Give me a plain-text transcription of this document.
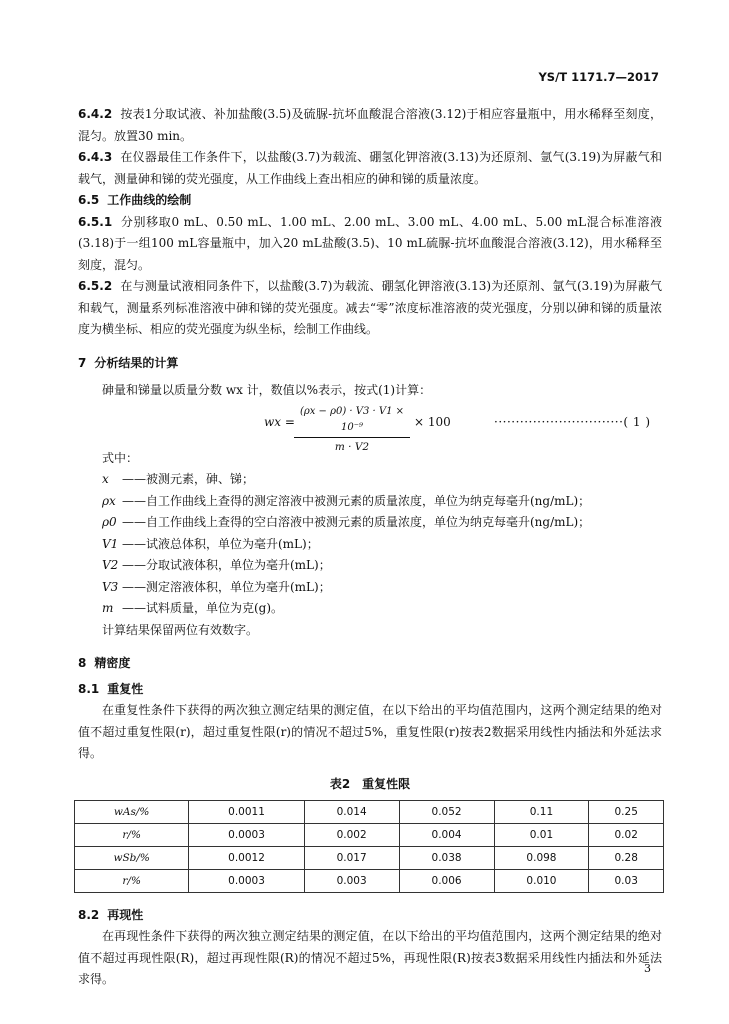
YS/T 1171.7—2017

6.4.2 按表1分取试液、补加盐酸(3.5)及硫脲-抗坏血酸混合溶液(3.12)于相应容量瓶中，用水稀释至刻度，混匀。放置30 min。

6.4.3 在仪器最佳工作条件下，以盐酸(3.7)为载流、硼氢化钾溶液(3.13)为还原剂、氩气(3.19)为屏蔽气和载气，测量砷和锑的荧光强度，从工作曲线上查出相应的砷和锑的质量浓度。

6.5 工作曲线的绘制

6.5.1 分别移取0 mL、0.50 mL、1.00 mL、2.00 mL、3.00 mL、4.00 mL、5.00 mL混合标准溶液(3.18)于一组100 mL容量瓶中，加入20 mL盐酸(3.5)、10 mL硫脲-抗坏血酸混合溶液(3.12)，用水稀释至刻度，混匀。

6.5.2 在与测量试液相同条件下，以盐酸(3.7)为载流、硼氢化钾溶液(3.13)为还原剂、氩气(3.19)为屏蔽气和载气，测量系列标准溶液中砷和锑的荧光强度。减去“零”浓度标准溶液的荧光强度，分别以砷和锑的质量浓度为横坐标、相应的荧光强度为纵坐标，绘制工作曲线。

7 分析结果的计算

砷量和锑量以质量分数 wx 计，数值以%表示，按式(1)计算：

wx =
(ρx − ρ0) · V3 · V1 × 10⁻⁹
m · V2
× 100	······························( 1 )

式中：

x ——被测元素，砷、锑；
ρx ——自工作曲线上查得的测定溶液中被测元素的质量浓度，单位为纳克每毫升(ng/mL)；
ρ0 ——自工作曲线上查得的空白溶液中被测元素的质量浓度，单位为纳克每毫升(ng/mL)；
V1 ——试液总体积，单位为毫升(mL)；
V2 ——分取试液体积，单位为毫升(mL)；
V3 ——测定溶液体积，单位为毫升(mL)；
m ——试料质量，单位为克(g)。

计算结果保留两位有效数字。

8 精密度

8.1 重复性

在重复性条件下获得的两次独立测定结果的测定值，在以下给出的平均值范围内，这两个测定结果的绝对值不超过重复性限(r)，超过重复性限(r)的情况不超过5%，重复性限(r)按表2数据采用线性内插法和外延法求得。

表2　重复性限
wAs/%	0.0011	0.014	0.052	0.11	0.25
r/%	0.0003	0.002	0.004	0.01	0.02
wSb/%	0.0012	0.017	0.038	0.098	0.28
r/%	0.0003	0.003	0.006	0.010	0.03

8.2 再现性

在再现性条件下获得的两次独立测定结果的测定值，在以下给出的平均值范围内，这两个测定结果的绝对值不超过再现性限(R)，超过再现性限(R)的情况不超过5%，再现性限(R)按表3数据采用线性内插法和外延法求得。

3
